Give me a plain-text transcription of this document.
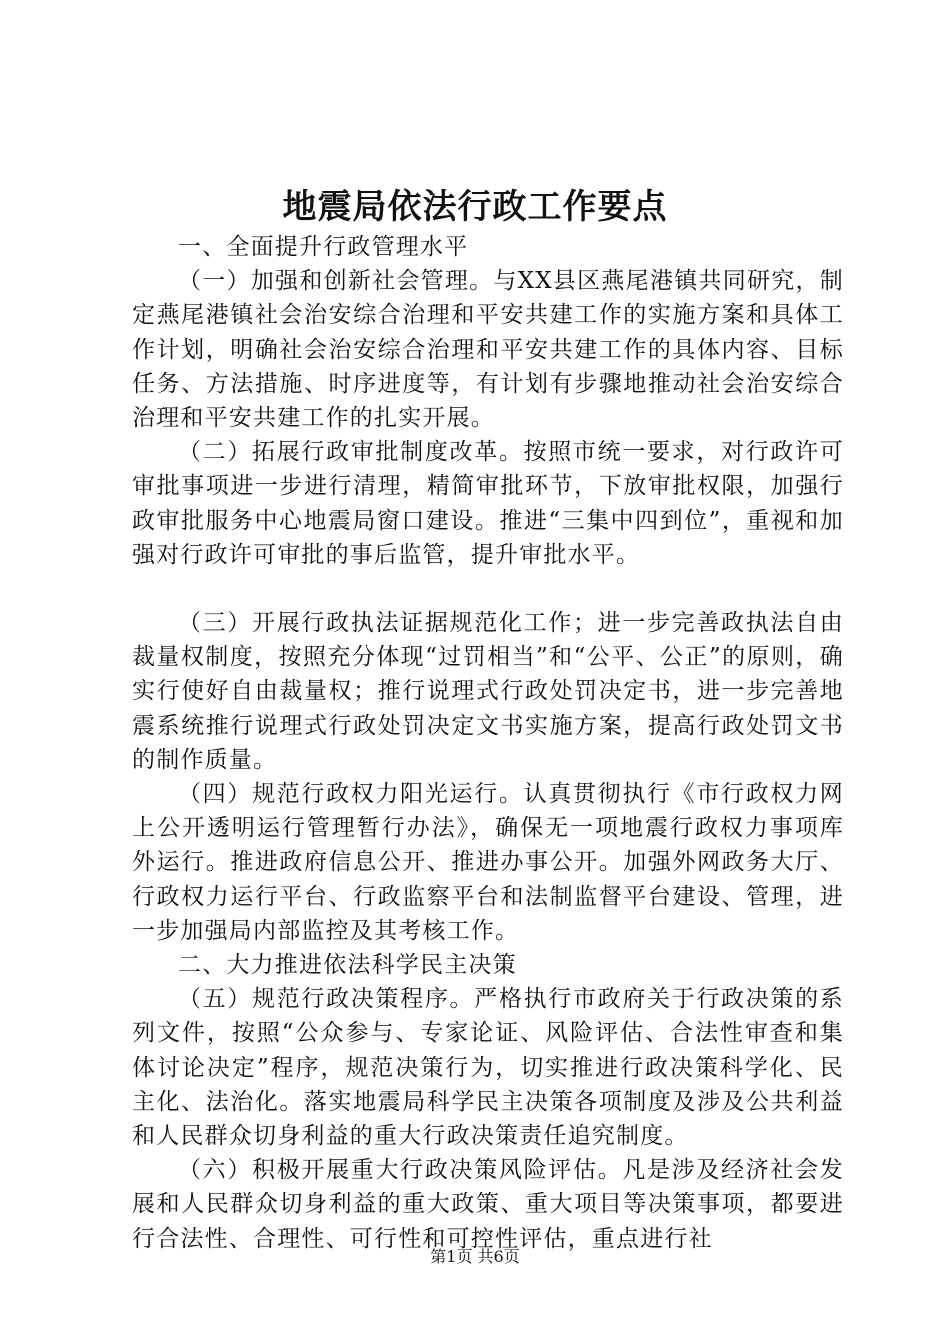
地震局依法行政工作要点

一、全面提升行政管理水平

（一）加强和创新社会管理。与XX县区燕尾港镇共同研究，制定燕尾港镇社会治安综合治理和平安共建工作的实施方案和具体工作计划，明确社会治安综合治理和平安共建工作的具体内容、目标任务、方法措施、时序进度等，有计划有步骤地推动社会治安综合治理和平安共建工作的扎实开展。

（二）拓展行政审批制度改革。按照市统一要求，对行政许可审批事项进一步进行清理，精简审批环节，下放审批权限，加强行政审批服务中心地震局窗口建设。推进“三集中四到位”，重视和加强对行政许可审批的事后监管，提升审批水平。

（三）开展行政执法证据规范化工作；进一步完善政执法自由裁量权制度，按照充分体现“过罚相当”和“公平、公正”的原则，确实行使好自由裁量权；推行说理式行政处罚决定书，进一步完善地震系统推行说理式行政处罚决定文书实施方案，提高行政处罚文书的制作质量。

（四）规范行政权力阳光运行。认真贯彻执行《市行政权力网上公开透明运行管理暂行办法》，确保无一项地震行政权力事项库外运行。推进政府信息公开、推进办事公开。加强外网政务大厅、行政权力运行平台、行政监察平台和法制监督平台建设、管理，进一步加强局内部监控及其考核工作。

二、大力推进依法科学民主决策

（五）规范行政决策程序。严格执行市政府关于行政决策的系列文件，按照“公众参与、专家论证、风险评估、合法性审查和集体讨论决定”程序，规范决策行为，切实推进行政决策科学化、民主化、法治化。落实地震局科学民主决策各项制度及涉及公共利益和人民群众切身利益的重大行政决策责任追究制度。

（六）积极开展重大行政决策风险评估。凡是涉及经济社会发展和人民群众切身利益的重大政策、重大项目等决策事项，都要进行合法性、合理性、可行性和可控性评估，重点进行社

第1页 共6页
